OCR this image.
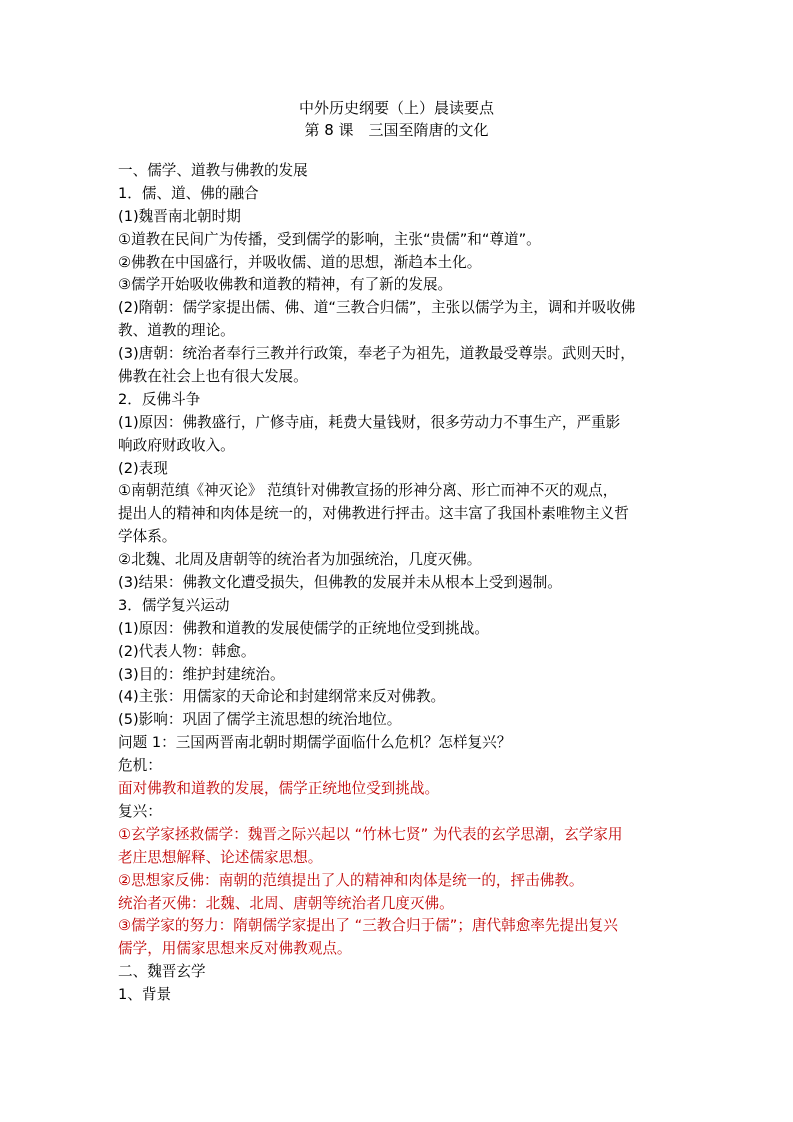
中外历史纲要（上）晨读要点
第 8 课　三国至隋唐的文化
一、儒学、道教与佛教的发展
1．儒、道、佛的融合
(1)魏晋南北朝时期
①道教在民间广为传播，受到儒学的影响，主张“贵儒”和“尊道”。
②佛教在中国盛行，并吸收儒、道的思想，渐趋本土化。
③儒学开始吸收佛教和道教的精神，有了新的发展。
(2)隋朝：儒学家提出儒、佛、道“三教合归儒”，主张以儒学为主，调和并吸收佛
教、道教的理论。
(3)唐朝：统治者奉行三教并行政策，奉老子为祖先，道教最受尊崇。武则天时，
佛教在社会上也有很大发展。
2．反佛斗争
(1)原因：佛教盛行，广修寺庙，耗费大量钱财，很多劳动力不事生产，严重影
响政府财政收入。
(2)表现
①南朝范缜《神灭论》 范缜针对佛教宣扬的形神分离、形亡而神不灭的观点，
提出人的精神和肉体是统一的，对佛教进行抨击。这丰富了我国朴素唯物主义哲
学体系。
②北魏、北周及唐朝等的统治者为加强统治，几度灭佛。
(3)结果：佛教文化遭受损失，但佛教的发展并未从根本上受到遏制。
3．儒学复兴运动
(1)原因：佛教和道教的发展使儒学的正统地位受到挑战。
(2)代表人物：韩愈。
(3)目的：维护封建统治。
(4)主张：用儒家的天命论和封建纲常来反对佛教。
(5)影响：巩固了儒学主流思想的统治地位。
问题 1：三国两晋南北朝时期儒学面临什么危机？怎样复兴？
危机：
面对佛教和道教的发展，儒学正统地位受到挑战。
复兴：
①玄学家拯救儒学：魏晋之际兴起以 “竹林七贤” 为代表的玄学思潮，玄学家用
老庄思想解释、论述儒家思想。
②思想家反佛：南朝的范缜提出了人的精神和肉体是统一的，抨击佛教。
统治者灭佛：北魏、北周、唐朝等统治者几度灭佛。
③儒学家的努力：隋朝儒学家提出了 “三教合归于儒”；唐代韩愈率先提出复兴
儒学，用儒家思想来反对佛教观点。
二、魏晋玄学
1、背景
